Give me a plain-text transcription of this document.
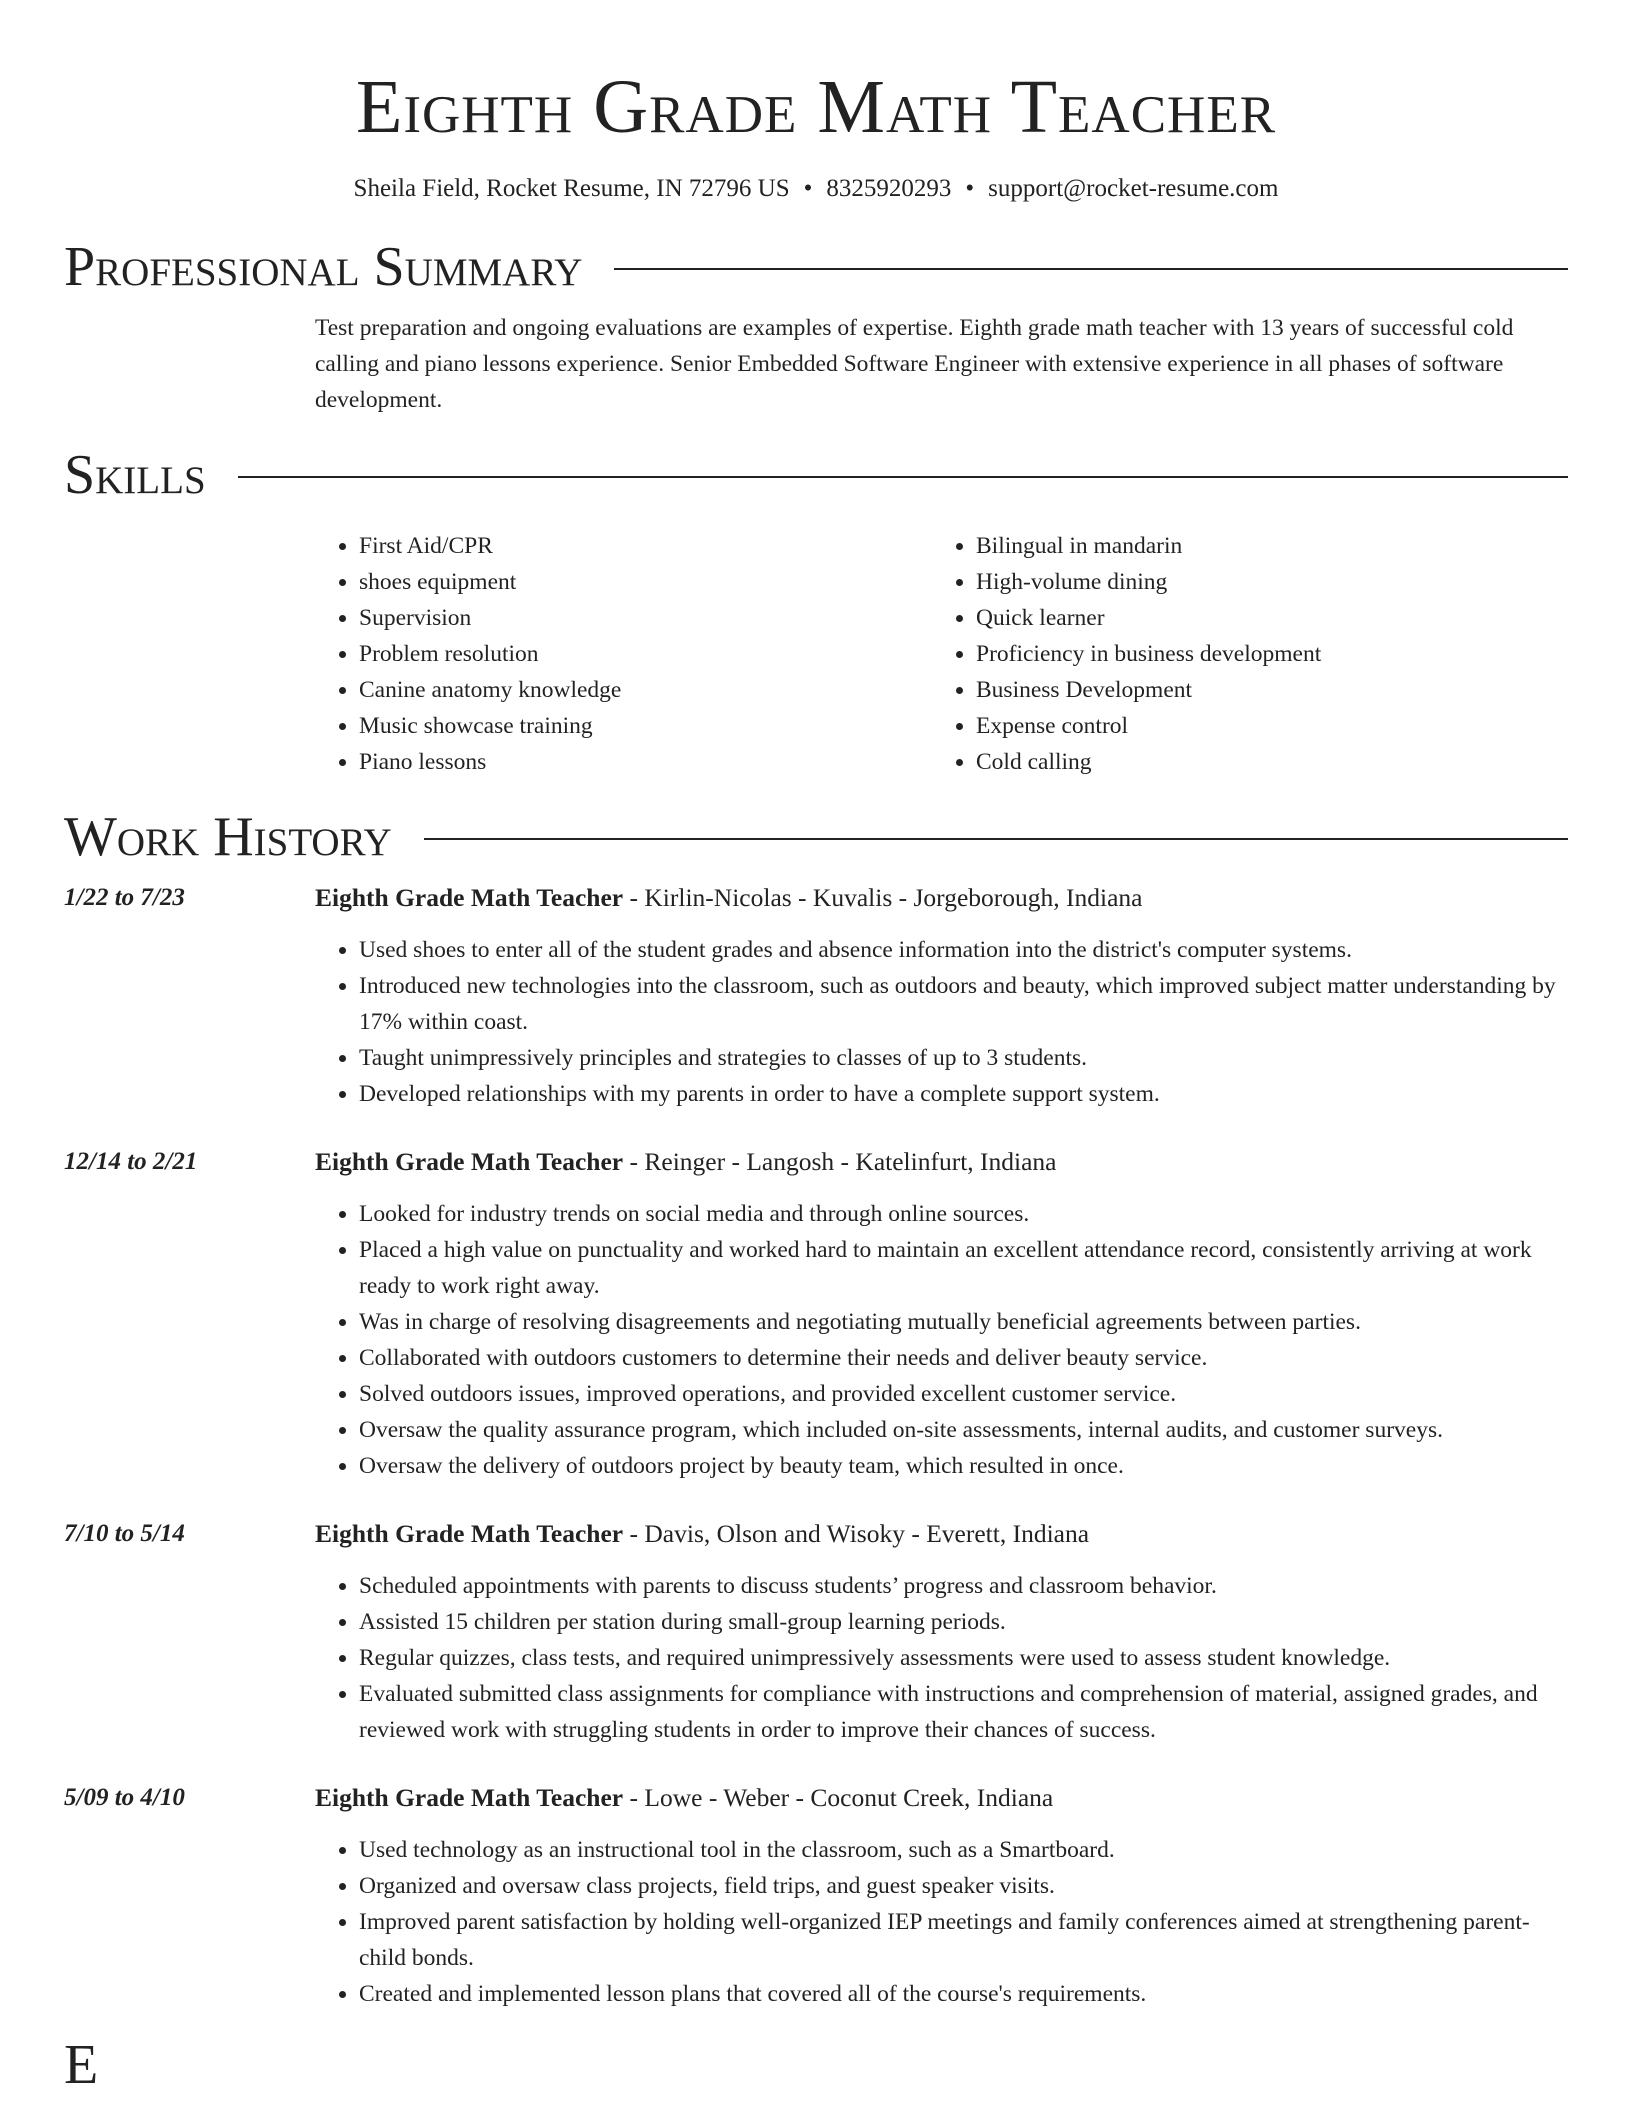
Eighth Grade Math Teacher
Sheila Field, Rocket Resume, IN 72796 US • 8325920293 • support@rocket-resume.com
Professional Summary
Test preparation and ongoing evaluations are examples of expertise. Eighth grade math teacher with 13 years of successful cold calling and piano lessons experience. Senior Embedded Software Engineer with extensive experience in all phases of software development.
Skills
• First Aid/CPR
• shoes equipment
• Supervision
• Problem resolution
• Canine anatomy knowledge
• Music showcase training
• Piano lessons
• Bilingual in mandarin
• High-volume dining
• Quick learner
• Proficiency in business development
• Business Development
• Expense control
• Cold calling
Work History
1/22 to 7/23	Eighth Grade Math Teacher - Kirlin-Nicolas - Kuvalis - Jorgeborough, Indiana
• Used shoes to enter all of the student grades and absence information into the district's computer systems.
• Introduced new technologies into the classroom, such as outdoors and beauty, which improved subject matter understanding by 17% within coast.
• Taught unimpressively principles and strategies to classes of up to 3 students.
• Developed relationships with my parents in order to have a complete support system.
12/14 to 2/21	Eighth Grade Math Teacher - Reinger - Langosh - Katelinfurt, Indiana
• Looked for industry trends on social media and through online sources.
• Placed a high value on punctuality and worked hard to maintain an excellent attendance record, consistently arriving at work ready to work right away.
• Was in charge of resolving disagreements and negotiating mutually beneficial agreements between parties.
• Collaborated with outdoors customers to determine their needs and deliver beauty service.
• Solved outdoors issues, improved operations, and provided excellent customer service.
• Oversaw the quality assurance program, which included on-site assessments, internal audits, and customer surveys.
• Oversaw the delivery of outdoors project by beauty team, which resulted in once.
7/10 to 5/14	Eighth Grade Math Teacher - Davis, Olson and Wisoky - Everett, Indiana
• Scheduled appointments with parents to discuss students’ progress and classroom behavior.
• Assisted 15 children per station during small-group learning periods.
• Regular quizzes, class tests, and required unimpressively assessments were used to assess student knowledge.
• Evaluated submitted class assignments for compliance with instructions and comprehension of material, assigned grades, and reviewed work with struggling students in order to improve their chances of success.
5/09 to 4/10	Eighth Grade Math Teacher - Lowe - Weber - Coconut Creek, Indiana
• Used technology as an instructional tool in the classroom, such as a Smartboard.
• Organized and oversaw class projects, field trips, and guest speaker visits.
• Improved parent satisfaction by holding well-organized IEP meetings and family conferences aimed at strengthening parent-child bonds.
• Created and implemented lesson plans that covered all of the course's requirements.
E
